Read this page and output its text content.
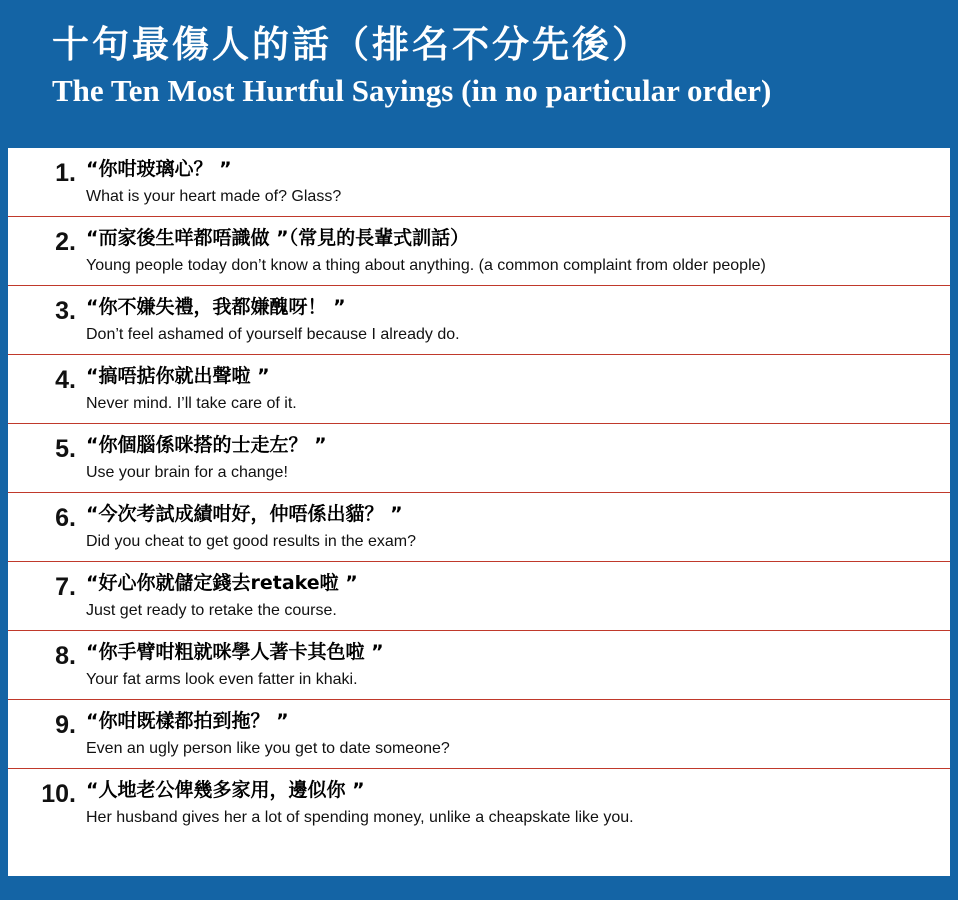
十句最傷人的話（排名不分先後）
The Ten Most Hurtful Sayings (in no particular order)
1. “你咁玻璃心？ ”
What is your heart made of? Glass?
2. “而家後生咩都唔識做 ”（常見的長輩式訓話）
Young people today don’t know a thing about anything. (a common complaint from older people)
3. “你不嫌失禮，我都嫌醜呀！ ”
Don’t feel ashamed of yourself because I already do.
4. “搞唔掂你就出聲啦 ”
Never mind. I’ll take care of it.
5. “你個腦係咪搭的士走左？ ”
Use your brain for a change!
6. “今次考試成績咁好，仲唔係出貓？ ”
Did you cheat to get good results in the exam?
7. “好心你就儲定錢去retake啦 ”
Just get ready to retake the course.
8. “你手臂咁粗就咪學人著卡其色啦 ”
Your fat arms look even fatter in khaki.
9. “你咁既樣都拍到拖？ ”
Even an ugly person like you get to date someone?
10. “人地老公俾幾多家用，邊似你 ”
Her husband gives her a lot of spending money, unlike a cheapskate like you.
